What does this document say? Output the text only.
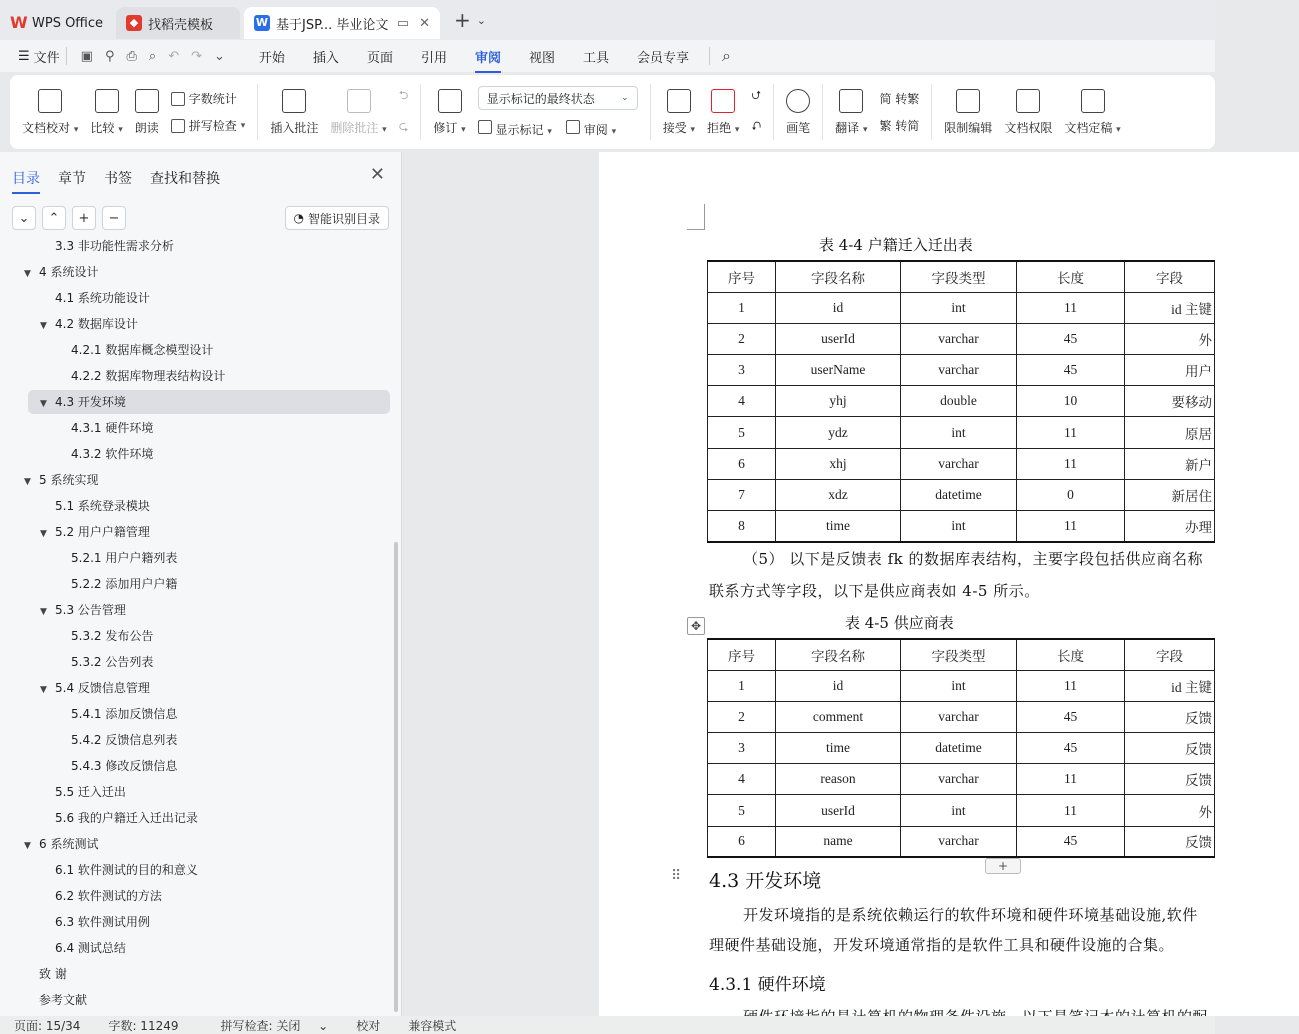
W WPS Office	◆ 找稻壳模板	W 基于JSP... 毕业论文 ▭ ✕ + ⌄
☰ 文件 ▣ ⚲ ⎙ ⌕ ↶ ↷ ⌄	开始	插入	页面	引用	审阅	视图	工具	会员专享	⌕
文档校对 ▾ 比较 ▾ 朗读
字数统计
拼写检查 ▾ 插入批注 删除批注 ▾
⮌
⮎ 修订 ▾
显示标记的最终状态	⌄
显示标记 ▾	审阅 ▾	接受 ▾ 拒绝 ▾
⮍
⮏ 画笔 翻译 ▾
简 转繁
繁 转简 限制编辑 文档权限 文档定稿 ▾
目录 章节 书签 查找和替换	✕
⌄	⌃	+	−	◔ 智能识别目录
3.3 非功能性需求分析
▼ 4 系统设计
4.1 系统功能设计
▼ 4.2 数据库设计
4.2.1 数据库概念模型设计
4.2.2 数据库物理表结构设计
▼ 4.3 开发环境
4.3.1 硬件环境
4.3.2 软件环境
▼ 5 系统实现
5.1 系统登录模块
▼ 5.2 用户户籍管理
5.2.1 用户户籍列表
5.2.2 添加用户户籍
▼ 5.3 公告管理
5.3.2 发布公告
5.3.2 公告列表
▼ 5.4 反馈信息管理
5.4.1 添加反馈信息
5.4.2 反馈信息列表
5.4.3 修改反馈信息
5.5 迁入迁出
5.6 我的户籍迁入迁出记录
▼ 6 系统测试
6.1 软件测试的目的和意义
6.2 软件测试的方法
6.3 软件测试用例
6.4 测试总结
致 谢
参考文献
表 4-4 户籍迁入迁出表
序号	字段名称	字段类型	长度	字段
1	id	int	11	id 主键
2	userId	varchar	45	外
3	userName	varchar	45	用户
4	yhj	double	10	要移动
5	ydz	int	11	原居
6	xhj	varchar	11	新户
7	xdz	datetime	0	新居住
8	time	int	11	办理
（5） 以下是反馈表 fk 的数据库表结构，主要字段包括供应商名称
联系方式等字段，以下是供应商表如 4-5 所示。
✥	表 4-5 供应商表
序号	字段名称	字段类型	长度	字段
1	id	int	11	id 主键
2	comment	varchar	45	反馈
3	time	datetime	45	反馈
4	reason	varchar	11	反馈
5	userId	int	11	外
6	name	varchar	45	反馈
+
⠿ 4.3 开发环境
开发环境指的是系统依赖运行的软件环境和硬件环境基础设施,软件
理硬件基础设施，开发环境通常指的是软件工具和硬件设施的合集。
4.3.1 硬件环境
页面: 15/34	字数: 11249	拼写检查: 关闭 ⌄	校对	兼容模式
